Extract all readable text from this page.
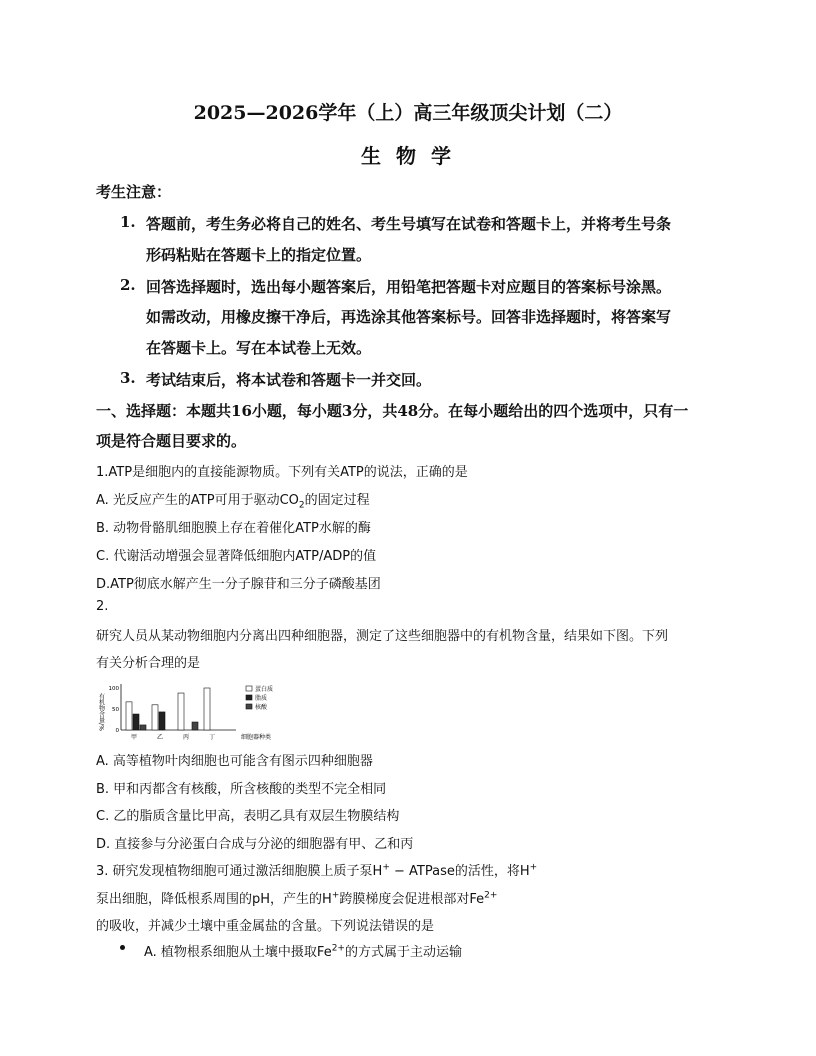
2025—2026学年（上）高三年级顶尖计划（二）
生 物 学
考生注意：
1. 答题前，考生务必将自己的姓名、考生号填写在试卷和答题卡上，并将考生号条
形码粘贴在答题卡上的指定位置。
2. 回答选择题时，选出每小题答案后，用铅笔把答题卡对应题目的答案标号涂黑。
如需改动，用橡皮擦干净后，再选涂其他答案标号。回答非选择题时，将答案写
在答题卡上。写在本试卷上无效。
3. 考试结束后，将本试卷和答题卡一并交回。
一、选择题：本题共16小题，每小题3分，共48分。在每小题给出的四个选项中，只有一
项是符合题目要求的。
1.ATP是细胞内的直接能源物质。下列有关ATP的说法，正确的是
A. 光反应产生的ATP可用于驱动$CO_2$的固定过程
B. 动物骨骼肌细胞膜上存在着催化ATP水解的酶
C. 代谢活动增强会显著降低细胞内ATP/ADP的值
D.ATP彻底水解产生一分子腺苷和三分子磷酸基团
2.
研究人员从某动物细胞内分离出四种细胞器，测定了这些细胞器中的有机物含量，结果如下图。下列
有关分析合理的是
有机物含量/%
100
50
0
甲	乙	丙	丁	细胞器种类
蛋白质
脂质
核酸
A. 高等植物叶肉细胞也可能含有图示四种细胞器
B. 甲和丙都含有核酸，所含核酸的类型不完全相同
C. 乙的脂质含量比甲高，表明乙具有双层生物膜结构
D. 直接参与分泌蛋白合成与分泌的细胞器有甲、乙和丙
3. 研究发现植物细胞可通过激活细胞膜上质子泵H+ − ATPase的活性，将H+
泵出细胞，降低根系周围的pH，产生的H+跨膜梯度会促进根部对$Fe^{2+}$
的吸收，并减少土壤中重金属盐的含量。下列说法错误的是
A. 植物根系细胞从土壤中摄取$Fe^{2+}$的方式属于主动运输
